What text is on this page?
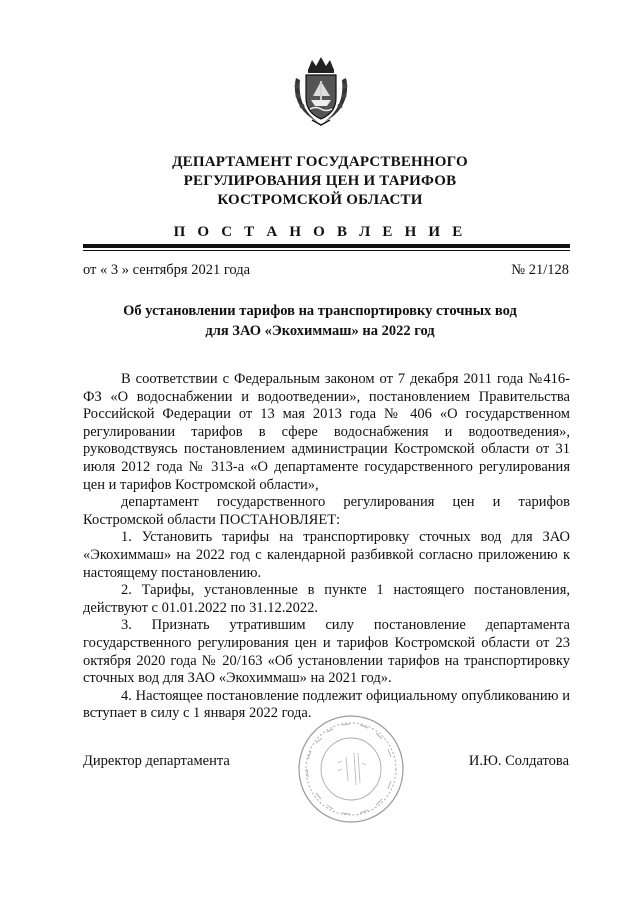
ДЕПАРТАМЕНТ ГОСУДАРСТВЕННОГО
РЕГУЛИРОВАНИЯ ЦЕН И ТАРИФОВ
КОСТРОМСКОЙ ОБЛАСТИ
П О С Т А Н О В Л Е Н И Е
от « 3 » сентября 2021 года	№ 21/128
Об установлении тарифов на транспортировку сточных вод
для ЗАО «Экохиммаш» на 2022 год

В соответствии с Федеральным законом от 7 декабря 2011 года №416-ФЗ «О водоснабжении и водоотведении», постановлением Правительства Российской Федерации от 13 мая 2013 года № 406 «О государственном регулировании тарифов в сфере водоснабжения и водоотведения», руководствуясь постановлением администрации Костромской области от 31 июля 2012 года № 313-а «О департаменте государственного регулирования цен и тарифов Костромской области»,

департамент государственного регулирования цен и тарифов Костромской области ПОСТАНОВЛЯЕТ:

1. Установить тарифы на транспортировку сточных вод для ЗАО «Экохиммаш» на 2022 год с календарной разбивкой согласно приложению к настоящему постановлению.

2. Тарифы, установленные в пункте 1 настоящего постановления, действуют с 01.01.2022 по 31.12.2022.

3. Признать утратившим силу постановление департамента государственного регулирования цен и тарифов Костромской области от 23 октября 2020 года № 20/163 «Об установлении тарифов на транспортировку сточных вод для ЗАО «Экохиммаш» на 2021 год».

4. Настоящее постановление подлежит официальному опубликованию и вступает в силу с 1 января 2022 года.

Директор департамента	И.Ю. Солдатова
